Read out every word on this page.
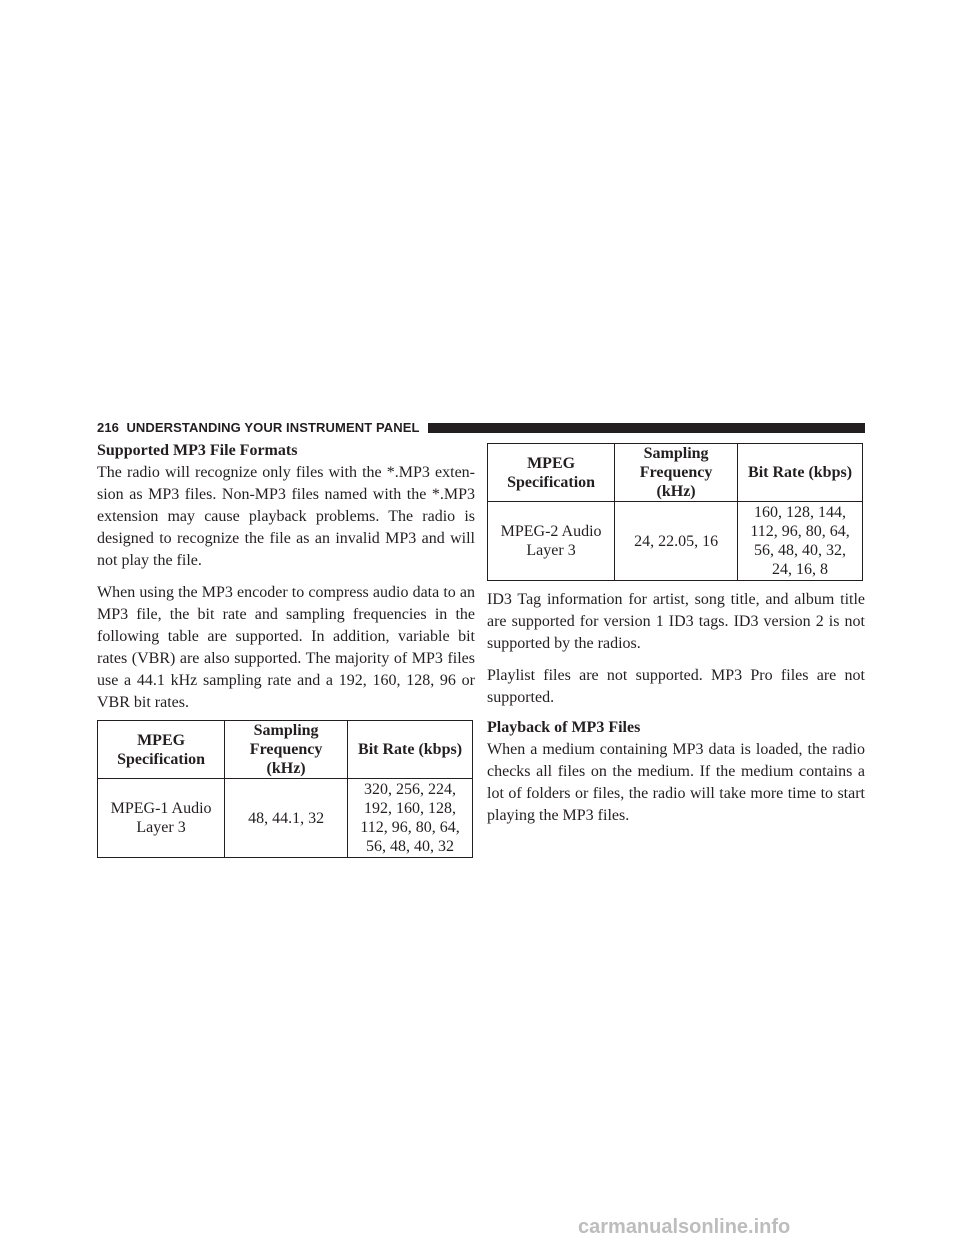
216 UNDERSTANDING YOUR INSTRUMENT PANEL
Supported MP3 File Formats

The radio will recognize only files with the *.MP3 exten-sion as MP3 files. Non-MP3 files named with the *.MP3 extension may cause playback problems. The radio is designed to recognize the file as an invalid MP3 and will not play the file.

When using the MP3 encoder to compress audio data to an MP3 file, the bit rate and sampling frequencies in the following table are supported. In addition, variable bit rates (VBR) are also supported. The majority of MP3 files use a 44.1 kHz sampling rate and a 192, 160, 128, 96 or VBR bit rates.

MPEG Specification	Sampling Frequency (kHz)	Bit Rate (kbps)
MPEG-1 Audio Layer 3	48, 44.1, 32	320, 256, 224, 192, 160, 128, 112, 96, 80, 64, 56, 48, 40, 32
MPEG Specification	Sampling Frequency (kHz)	Bit Rate (kbps)
MPEG-2 Audio Layer 3	24, 22.05, 16	160, 128, 144, 112, 96, 80, 64, 56, 48, 40, 32, 24, 16, 8

ID3 Tag information for artist, song title, and album title are supported for version 1 ID3 tags. ID3 version 2 is not supported by the radios.

Playlist files are not supported. MP3 Pro files are not supported.

Playback of MP3 Files

When a medium containing MP3 data is loaded, the radio checks all files on the medium. If the medium contains a lot of folders or files, the radio will take more time to start playing the MP3 files.

carmanualsonline.info
